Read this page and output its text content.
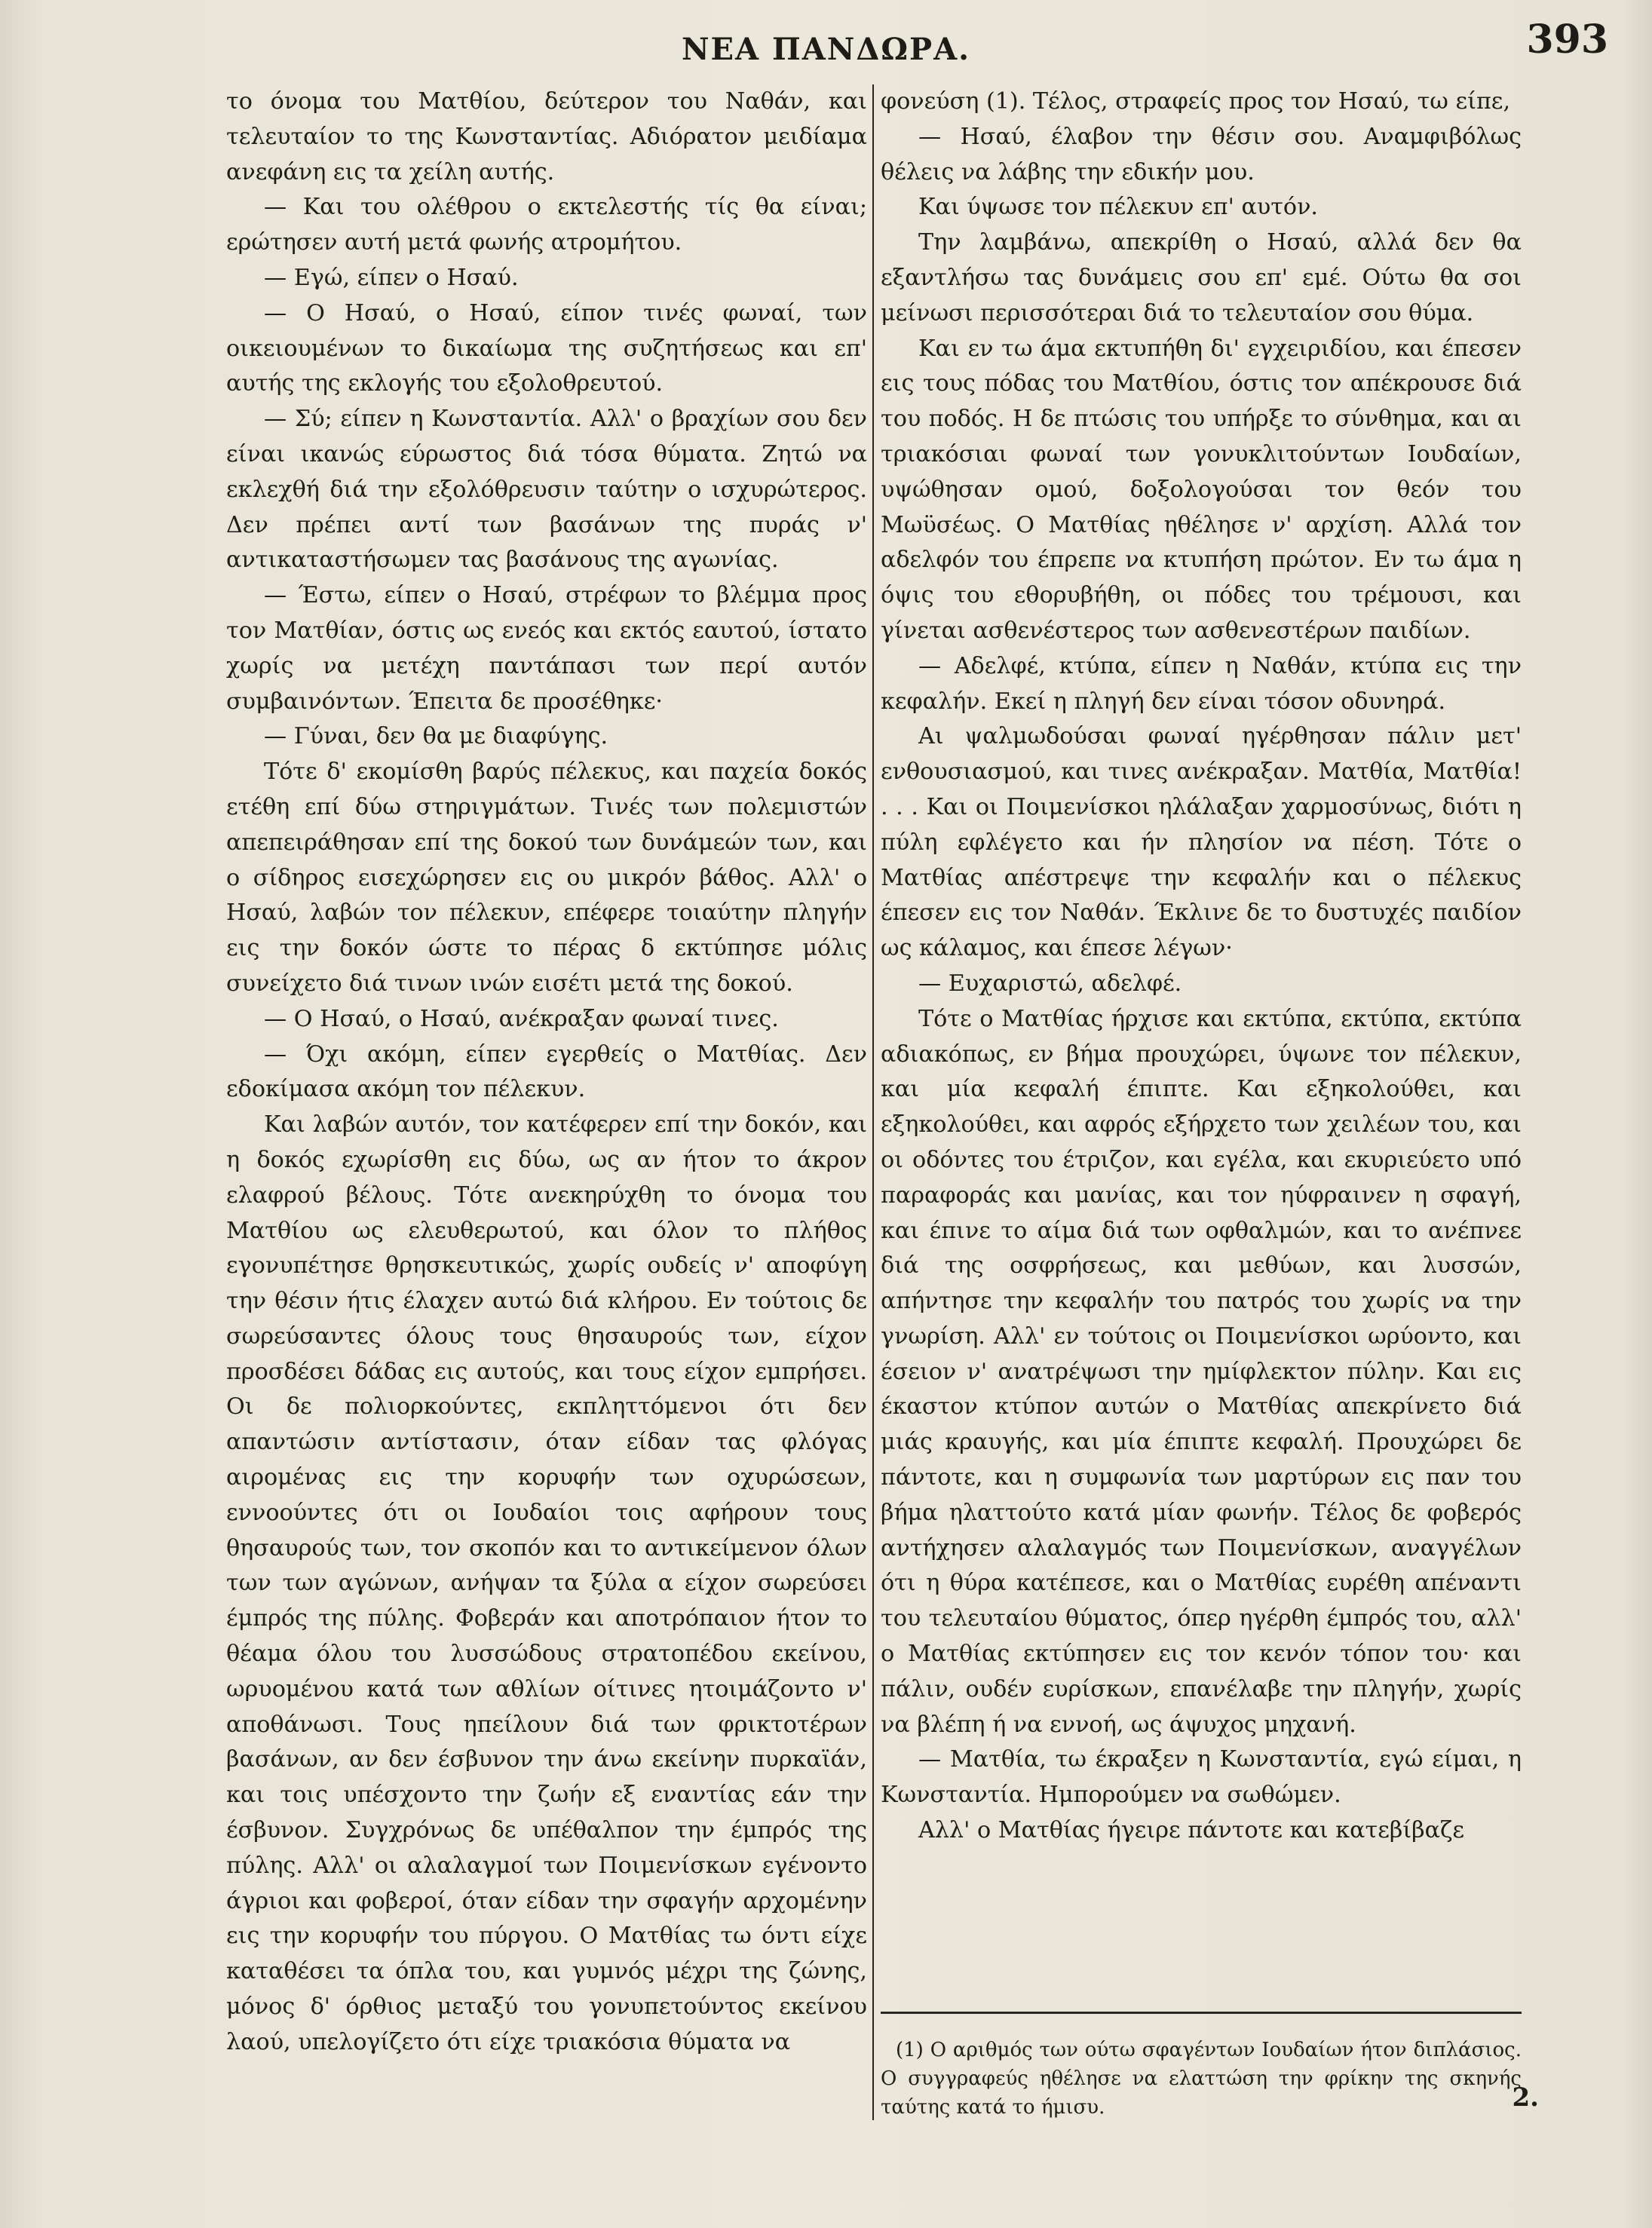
ΝΕΑ ΠΑΝΔΩΡΑ.	393

το όνομα του Ματθίου, δεύτερον του Ναθάν, και τελευταίον το της Κωνσταντίας. Αδιόρατον μειδίαμα ανεφάνη εις τα χείλη αυτής.

— Και του ολέθρου ο εκτελεστής τίς θα είναι; ερώτησεν αυτή μετά φωνής ατρομήτου.

— Εγώ, είπεν ο Ησαύ.

— Ο Ησαύ, ο Ησαύ, είπον τινές φωναί, των οικειουμένων το δικαίωμα της συζητήσεως και επ' αυτής της εκλογής του εξολοθρευτού.

— Σύ; είπεν η Κωνσταντία. Αλλ' ο βραχίων σου δεν είναι ικανώς εύρωστος διά τόσα θύματα. Ζητώ να εκλεχθή διά την εξολόθρευσιν ταύτην ο ισχυρώτερος. Δεν πρέπει αντί των βασάνων της πυράς ν' αντικαταστήσωμεν τας βασάνους της αγωνίας.

— Έστω, είπεν ο Ησαύ, στρέφων το βλέμμα προς τον Ματθίαν, όστις ως ενεός και εκτός εαυτού, ίστατο χωρίς να μετέχη παντάπασι των περί αυτόν συμβαινόντων. Έπειτα δε προσέθηκε·

— Γύναι, δεν θα με διαφύγης.

Τότε δ' εκομίσθη βαρύς πέλεκυς, και παχεία δοκός ετέθη επί δύω στηριγμάτων. Τινές των πολεμιστών απεπειράθησαν επί της δοκού των δυνάμεών των, και ο σίδηρος εισεχώρησεν εις ου μικρόν βάθος. Αλλ' ο Ησαύ, λαβών τον πέλεκυν, επέφερε τοιαύτην πληγήν εις την δοκόν ώστε το πέρας δ εκτύπησε μόλις συνείχετο διά τινων ινών εισέτι μετά της δοκού.

— Ο Ησαύ, ο Ησαύ, ανέκραξαν φωναί τινες.

— Όχι ακόμη, είπεν εγερθείς ο Ματθίας. Δεν εδοκίμασα ακόμη τον πέλεκυν.

Και λαβών αυτόν, τον κατέφερεν επί την δοκόν, και η δοκός εχωρίσθη εις δύω, ως αν ήτον το άκρον ελαφρού βέλους. Τότε ανεκηρύχθη το όνομα του Ματθίου ως ελευθερωτού, και όλον το πλήθος εγονυπέτησε θρησκευτικώς, χωρίς ουδείς ν' αποφύγη την θέσιν ήτις έλαχεν αυτώ διά κλήρου. Εν τούτοις δε σωρεύσαντες όλους τους θησαυρούς των, είχον προσδέσει δάδας εις αυτούς, και τους είχον εμπρήσει. Οι δε πολιορκούντες, εκπληττόμενοι ότι δεν απαντώσιν αντίστασιν, όταν είδαν τας φλόγας αιρομένας εις την κορυφήν των οχυρώσεων, εννοούντες ότι οι Ιουδαίοι τοις αφήρουν τους θησαυρούς των, τον σκοπόν και το αντικείμενον όλων των των αγώνων, ανήψαν τα ξύλα α είχον σωρεύσει έμπρός της πύλης. Φοβεράν και αποτρόπαιον ήτον το θέαμα όλου του λυσσώδους στρατοπέδου εκείνου, ωρυομένου κατά των αθλίων οίτινες ητοιμάζοντο ν' αποθάνωσι. Τους ηπείλουν διά των φρικτοτέρων βασάνων, αν δεν έσβυνον την άνω εκείνην πυρκαϊάν, και τοις υπέσχοντο την ζωήν εξ εναντίας εάν την έσβυνον. Συγχρόνως δε υπέθαλπον την έμπρός της πύλης. Αλλ' οι αλαλαγμοί των Ποιμενίσκων εγένοντο άγριοι και φοβεροί, όταν είδαν την σφαγήν αρχομένην εις την κορυφήν του πύργου. Ο Ματθίας τω όντι είχε καταθέσει τα όπλα του, και γυμνός μέχρι της ζώνης, μόνος δ' όρθιος μεταξύ του γονυπετούντος εκείνου λαού, υπελογίζετο ότι είχε τριακόσια θύματα να

φονεύση (1). Τέλος, στραφείς προς τον Ησαύ, τω είπε,

— Ησαύ, έλαβον την θέσιν σου. Αναμφιβόλως θέλεις να λάβης την εδικήν μου.

Και ύψωσε τον πέλεκυν επ' αυτόν.

Την λαμβάνω, απεκρίθη ο Ησαύ, αλλά δεν θα εξαντλήσω τας δυνάμεις σου επ' εμέ. Ούτω θα σοι μείνωσι περισσότεραι διά το τελευταίον σου θύμα.

Και εν τω άμα εκτυπήθη δι' εγχειριδίου, και έπεσεν εις τους πόδας του Ματθίου, όστις τον απέκρουσε διά του ποδός. Η δε πτώσις του υπήρξε το σύνθημα, και αι τριακόσιαι φωναί των γονυκλιτούντων Ιουδαίων, υψώθησαν ομού, δοξολογούσαι τον θεόν του Μωϋσέως. Ο Ματθίας ηθέλησε ν' αρχίση. Αλλά τον αδελφόν του έπρεπε να κτυπήση πρώτον. Εν τω άμα η όψις του εθορυβήθη, οι πόδες του τρέμουσι, και γίνεται ασθενέστερος των ασθενεστέρων παιδίων.

— Αδελφέ, κτύπα, είπεν η Ναθάν, κτύπα εις την κεφαλήν. Εκεί η πληγή δεν είναι τόσον οδυνηρά.

Αι ψαλμωδούσαι φωναί ηγέρθησαν πάλιν μετ' ενθουσιασμού, και τινες ανέκραξαν. Ματθία, Ματθία! . . . Και οι Ποιμενίσκοι ηλάλαξαν χαρμοσύνως, διότι η πύλη εφλέγετο και ήν πλησίον να πέση. Τότε ο Ματθίας απέστρεψε την κεφαλήν και ο πέλεκυς έπεσεν εις τον Ναθάν. Έκλινε δε το δυστυχές παιδίον ως κάλαμος, και έπεσε λέγων·

— Ευχαριστώ, αδελφέ.

Τότε ο Ματθίας ήρχισε και εκτύπα, εκτύπα, εκτύπα αδιακόπως, εν βήμα προυχώρει, ύψωνε τον πέλεκυν, και μία κεφαλή έπιπτε. Και εξηκολούθει, και εξηκολούθει, και αφρός εξήρχετο των χειλέων του, και οι οδόντες του έτριζον, και εγέλα, και εκυριεύετο υπό παραφοράς και μανίας, και τον ηύφραινεν η σφαγή, και έπινε το αίμα διά των οφθαλμών, και το ανέπνεε διά της οσφρήσεως, και μεθύων, και λυσσών, απήντησε την κεφαλήν του πατρός του χωρίς να την γνωρίση. Αλλ' εν τούτοις οι Ποιμενίσκοι ωρύοντο, και έσειον ν' ανατρέψωσι την ημίφλεκτον πύλην. Και εις έκαστον κτύπον αυτών ο Ματθίας απεκρίνετο διά μιάς κραυγής, και μία έπιπτε κεφαλή. Προυχώρει δε πάντοτε, και η συμφωνία των μαρτύρων εις παν του βήμα ηλαττούτο κατά μίαν φωνήν. Τέλος δε φοβερός αντήχησεν αλαλαγμός των Ποιμενίσκων, αναγγέλων ότι η θύρα κατέπεσε, και ο Ματθίας ευρέθη απέναντι του τελευταίου θύματος, όπερ ηγέρθη έμπρός του, αλλ' ο Ματθίας εκτύπησεν εις τον κενόν τόπον του· και πάλιν, ουδέν ευρίσκων, επανέλαβε την πληγήν, χωρίς να βλέπη ή να εννοή, ως άψυχος μηχανή.

— Ματθία, τω έκραξεν η Κωνσταντία, εγώ είμαι, η Κωνσταντία. Ημπορούμεν να σωθώμεν.

Αλλ' ο Ματθίας ήγειρε πάντοτε και κατεβίβαζε

(1) Ο αριθμός των ούτω σφαγέντων Ιουδαίων ήτον διπλάσιος. Ο συγγραφεύς ηθέλησε να ελαττώση την φρίκην της σκηνής ταύτης κατά το ήμισυ.	2.
